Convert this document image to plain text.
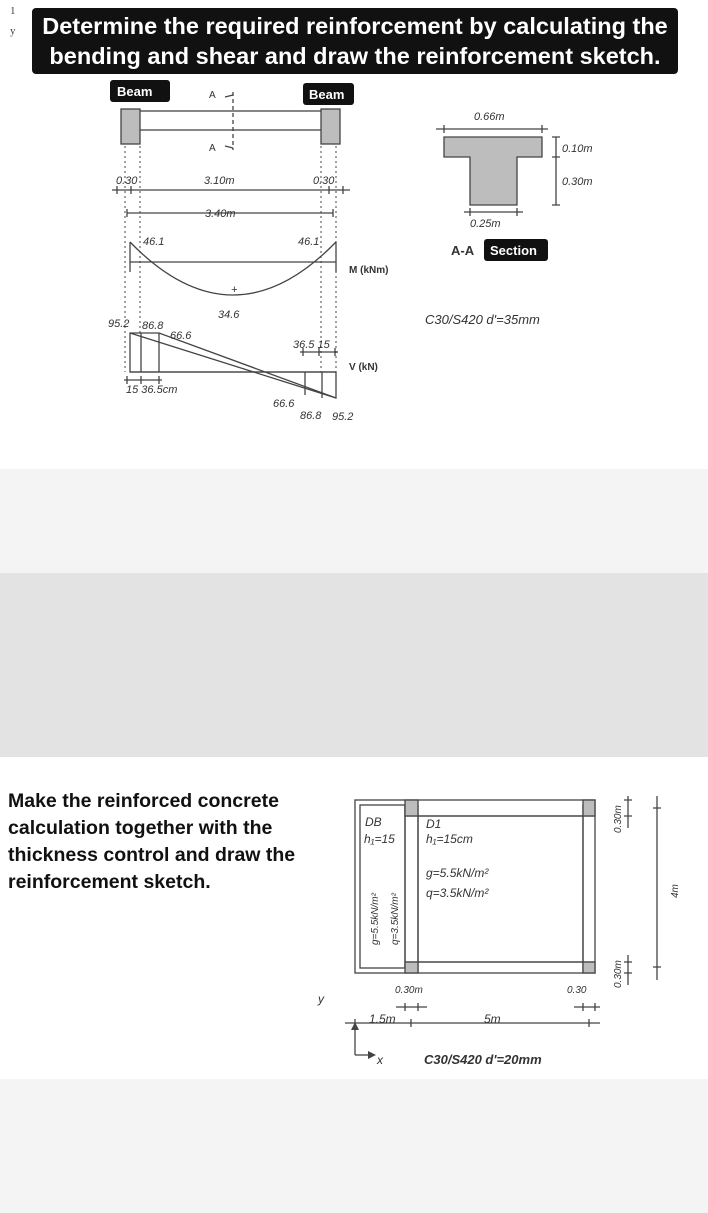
1
y	Determine the required reinforcement by calculating the
bending and shear and draw the reinforcement sketch.
Beam	Beam
Section
A-A
A
A
0.30	3.10m	0.30
3.40m
46.1	46.1
34.6
+
95.2 86.8
66.6
36.5 15
15 36.5cm
66.6
86.8 95.2
0.66m
0.10m
0.30m
0.25m
M (kNm)
V (kN)
C30/S420 d'=35mm
Make the reinforced concrete calculation together with the thickness control and draw the reinforcement sketch.
DB
h₁=15
D1
h₁=15cm
g=5.5kN/m²
q=3.5kN/m²
1.5m	5m
y
x
0.30m	0.30
g=5.5kN/m² q=3.5kN/m²
0.30m
0.30m
4m
C30/S420 d'=20mm
